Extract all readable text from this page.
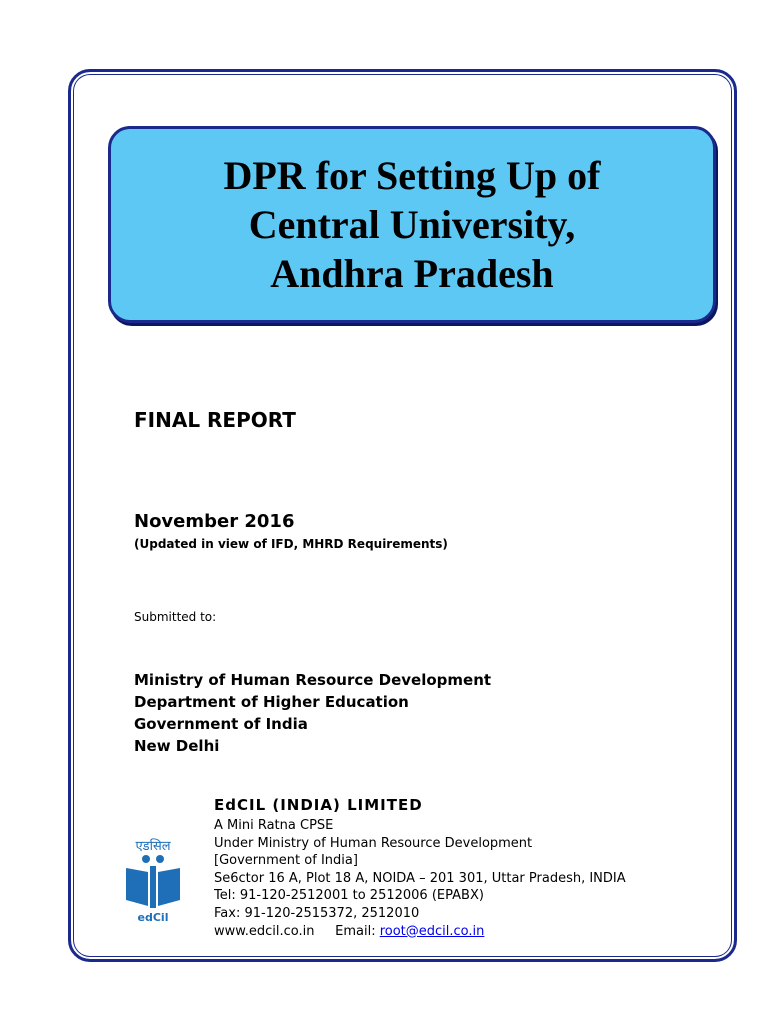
DPR for Setting Up of
Central University,
Andhra Pradesh
FINAL REPORT
November 2016
(Updated in view of IFD, MHRD Requirements)
Submitted to:
Ministry of Human Resource Development
Department of Higher Education
Government of India
New Delhi
एडसिल
edCil
EdCIL (INDIA) LIMITED
A Mini Ratna CPSE
Under Ministry of Human Resource Development
[Government of India]
Se6ctor 16 A, Plot 18 A, NOIDA – 201 301, Uttar Pradesh, INDIA
Tel: 91-120-2512001 to 2512006 (EPABX)
Fax: 91-120-2515372, 2512010
www.edcil.co.in Email: root@edcil.co.in
